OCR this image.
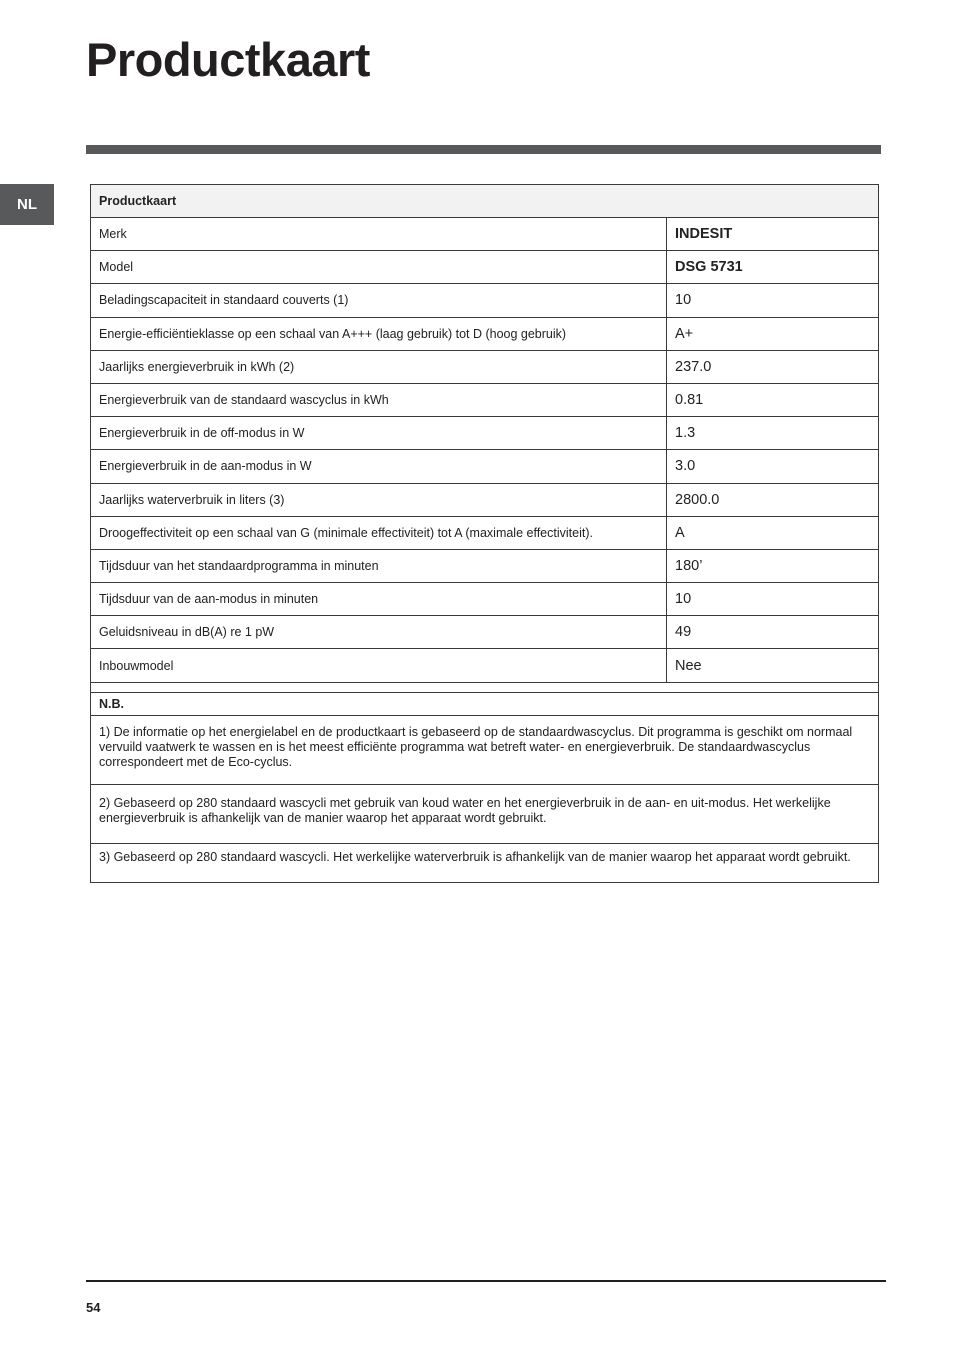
Productkaart
NL	Productkaart	
Merk	INDESIT
Model	DSG 5731
Beladingscapaciteit in standaard couverts (1)	10
Energie-efficiëntieklasse op een schaal van A+++ (laag gebruik) tot D (hoog gebruik)	A+
Jaarlijks energieverbruik in kWh (2)	237.0
Energieverbruik van de standaard wascyclus in kWh	0.81
Energieverbruik in de off-modus in W	1.3
Energieverbruik in de aan-modus in W	3.0
Jaarlijks waterverbruik in liters (3)	2800.0
Droogeffectiviteit op een schaal van G (minimale effectiviteit) tot A (maximale effectiviteit).	A
Tijdsduur van het standaardprogramma in minuten	180’
Tijdsduur van de aan-modus in minuten	10
Geluidsniveau in dB(A) re 1 pW	49
Inbouwmodel	Nee

N.B.	
1) De informatie op het energielabel en de productkaart is gebaseerd op de standaardwascyclus. Dit programma is geschikt om normaal vervuild vaatwerk te wassen en is het meest efficiënte programma wat betreft water- en energieverbruik. De standaardwascyclus correspondeert met de Eco-cyclus.	
2) Gebaseerd op 280 standaard wascycli met gebruik van koud water en het energieverbruik in de aan- en uit-modus. Het werkelijke energieverbruik is afhankelijk van de manier waarop het apparaat wordt gebruikt.	
3) Gebaseerd op 280 standaard wascycli. Het werkelijke waterverbruik is afhankelijk van de manier waarop het apparaat wordt gebruikt.	
54
